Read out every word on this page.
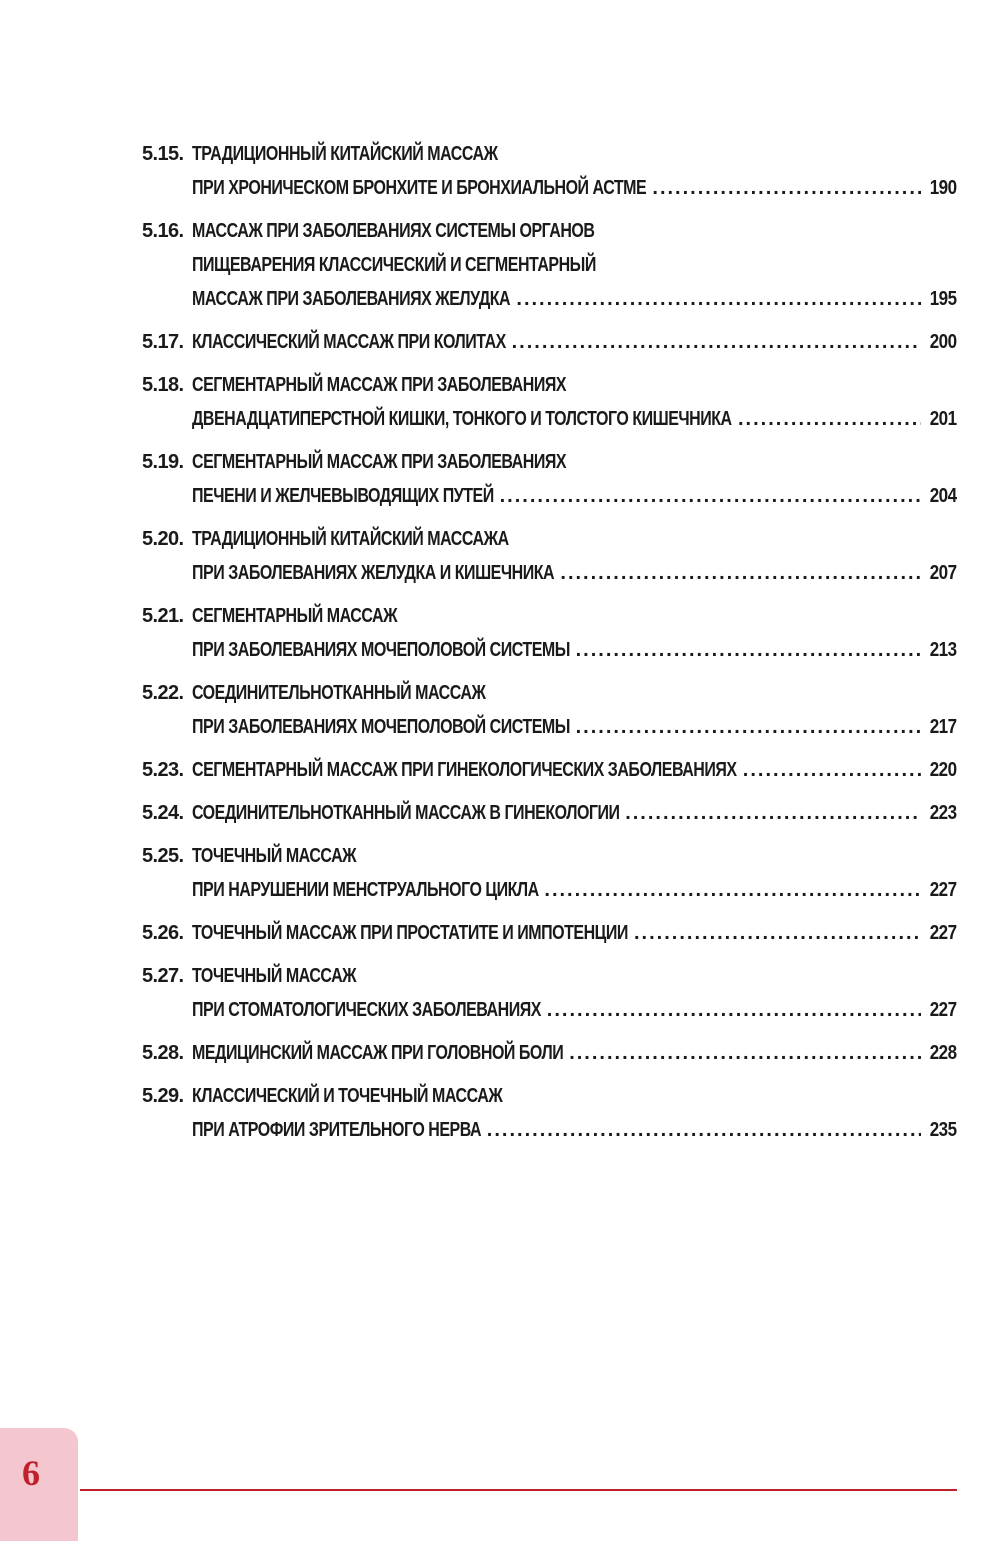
5.15. ТРАДИЦИОННЫЙ КИТАЙСКИЙ МАССАЖ
ПРИ ХРОНИЧЕСКОМ БРОНХИТЕ И БРОНХИАЛЬНОЙ АСТМЕ .....	190
5.16. МАССАЖ ПРИ ЗАБОЛЕВАНИЯХ СИСТЕМЫ ОРГАНОВ
ПИЩЕВАРЕНИЯ КЛАССИЧЕСКИЙ И СЕГМЕНТАРНЫЙ
МАССАЖ ПРИ ЗАБОЛЕВАНИЯХ ЖЕЛУДКА .....	195
5.17. КЛАССИЧЕСКИЙ МАССАЖ ПРИ КОЛИТАХ .....	200
5.18. СЕГМЕНТАРНЫЙ МАССАЖ ПРИ ЗАБОЛЕВАНИЯХ
ДВЕНАДЦАТИПЕРСТНОЙ КИШКИ, ТОНКОГО И ТОЛСТОГО КИШЕЧНИКА .....	201
5.19. СЕГМЕНТАРНЫЙ МАССАЖ ПРИ ЗАБОЛЕВАНИЯХ
ПЕЧЕНИ И ЖЕЛЧЕВЫВОДЯЩИХ ПУТЕЙ .....	204
5.20. ТРАДИЦИОННЫЙ КИТАЙСКИЙ МАССАЖА
ПРИ ЗАБОЛЕВАНИЯХ ЖЕЛУДКА И КИШЕЧНИКА .....	207
5.21. СЕГМЕНТАРНЫЙ МАССАЖ
ПРИ ЗАБОЛЕВАНИЯХ МОЧЕПОЛОВОЙ СИСТЕМЫ .....	213
5.22. СОЕДИНИТЕЛЬНОТКАННЫЙ МАССАЖ
ПРИ ЗАБОЛЕВАНИЯХ МОЧЕПОЛОВОЙ СИСТЕМЫ .....	217
5.23. СЕГМЕНТАРНЫЙ МАССАЖ ПРИ ГИНЕКОЛОГИЧЕСКИХ ЗАБОЛЕВАНИЯХ .....	220
5.24. СОЕДИНИТЕЛЬНОТКАННЫЙ МАССАЖ В ГИНЕКОЛОГИИ .....	223
5.25. ТОЧЕЧНЫЙ МАССАЖ
ПРИ НАРУШЕНИИ МЕНСТРУАЛЬНОГО ЦИКЛА .....	227
5.26. ТОЧЕЧНЫЙ МАССАЖ ПРИ ПРОСТАТИТЕ И ИМПОТЕНЦИИ .....	227
5.27. ТОЧЕЧНЫЙ МАССАЖ
ПРИ СТОМАТОЛОГИЧЕСКИХ ЗАБОЛЕВАНИЯХ .....	227
5.28. МЕДИЦИНСКИЙ МАССАЖ ПРИ ГОЛОВНОЙ БОЛИ .....	228
5.29. КЛАССИЧЕСКИЙ И ТОЧЕЧНЫЙ МАССАЖ
ПРИ АТРОФИИ ЗРИТЕЛЬНОГО НЕРВА .....	235
6
